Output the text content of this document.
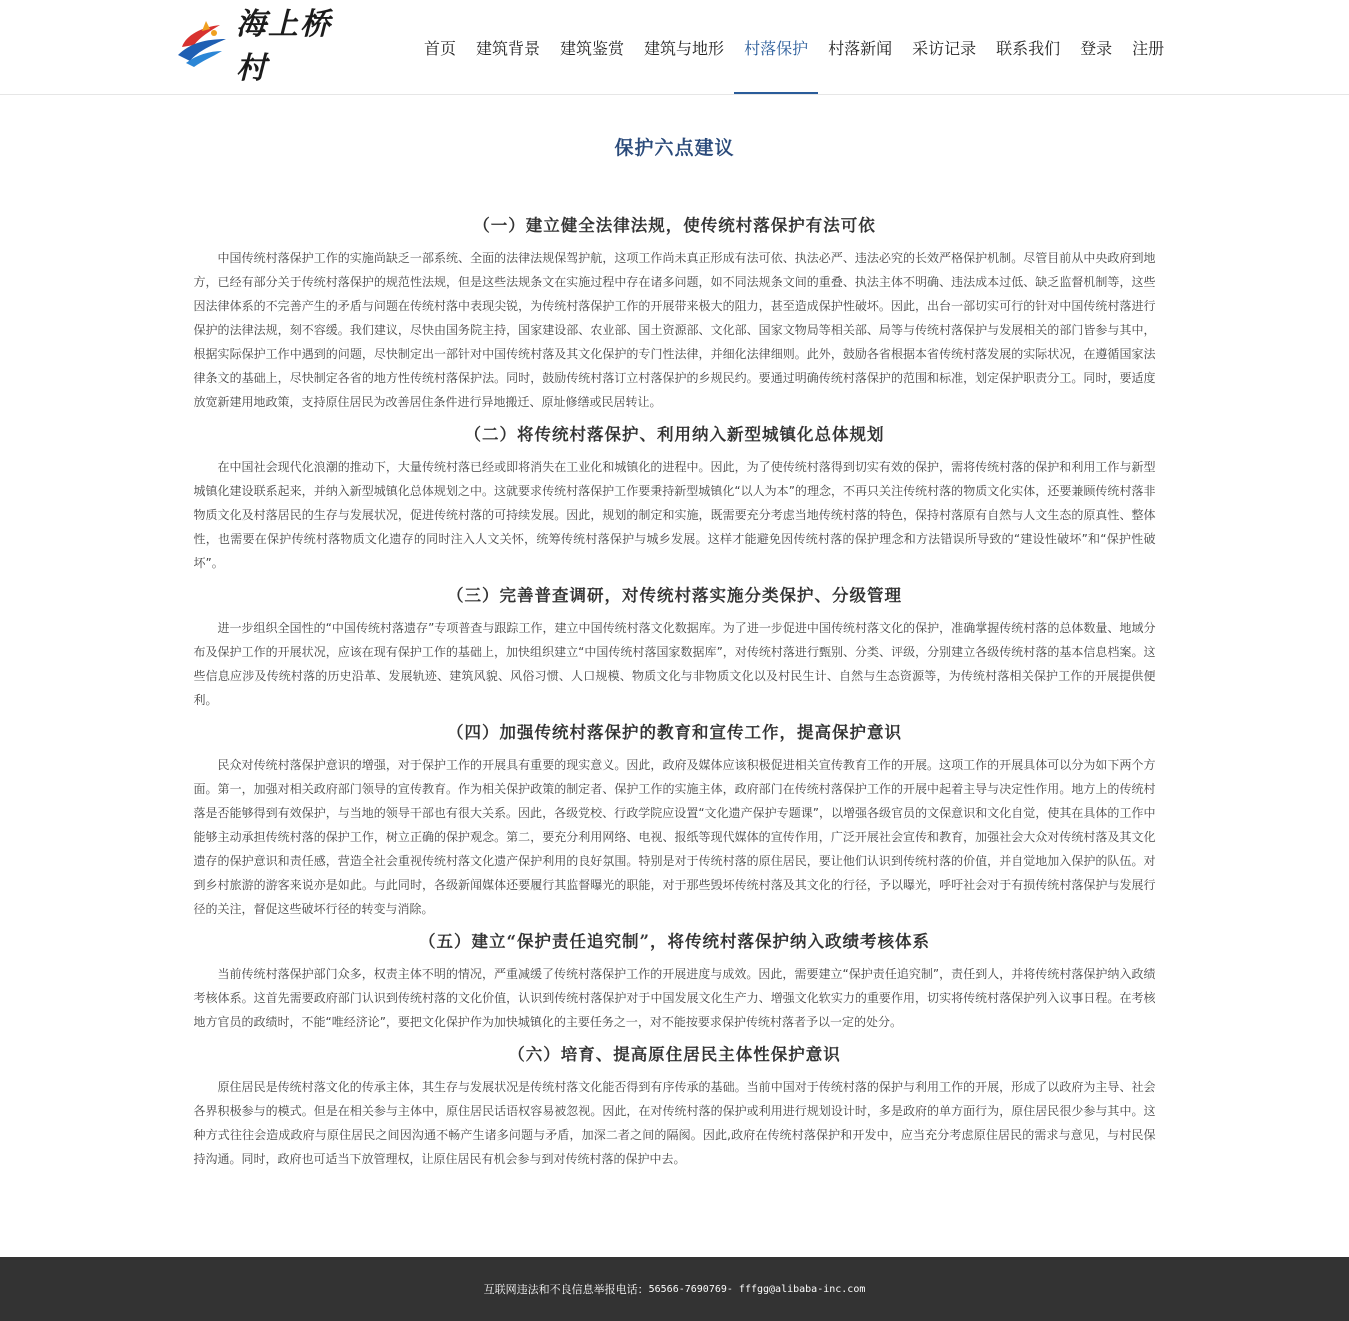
海上桥村
首页	建筑背景	建筑鉴赏	建筑与地形	村落保护	村落新闻	采访记录	联系我们	登录	注册
保护六点建议
（一）建立健全法律法规，使传统村落保护有法可依

中国传统村落保护工作的实施尚缺乏一部系统、全面的法律法规保驾护航，这项工作尚未真正形成有法可依、执法必严、违法必究的长效严格保护机制。尽管目前从中央政府到地方，已经有部分关于传统村落保护的规范性法规，但是这些法规条文在实施过程中存在诸多问题，如不同法规条文间的重叠、执法主体不明确、违法成本过低、缺乏监督机制等，这些因法律体系的不完善产生的矛盾与问题在传统村落中表现尖锐，为传统村落保护工作的开展带来极大的阻力，甚至造成保护性破坏。因此，出台一部切实可行的针对中国传统村落进行保护的法律法规，刻不容缓。我们建议，尽快由国务院主持，国家建设部、农业部、国土资源部、文化部、国家文物局等相关部、局等与传统村落保护与发展相关的部门皆参与其中，根据实际保护工作中遇到的问题，尽快制定出一部针对中国传统村落及其文化保护的专门性法律，并细化法律细则。此外，鼓励各省根据本省传统村落发展的实际状况，在遵循国家法律条文的基础上，尽快制定各省的地方性传统村落保护法。同时，鼓励传统村落订立村落保护的乡规民约。要通过明确传统村落保护的范围和标准，划定保护职责分工。同时，要适度放宽新建用地政策，支持原住居民为改善居住条件进行异地搬迁、原址修缮或民居转让。

（二）将传统村落保护、利用纳入新型城镇化总体规划

在中国社会现代化浪潮的推动下，大量传统村落已经或即将消失在工业化和城镇化的进程中。因此，为了使传统村落得到切实有效的保护，需将传统村落的保护和利用工作与新型城镇化建设联系起来，并纳入新型城镇化总体规划之中。这就要求传统村落保护工作要秉持新型城镇化“以人为本”的理念，不再只关注传统村落的物质文化实体，还要兼顾传统村落非物质文化及村落居民的生存与发展状况，促进传统村落的可持续发展。因此，规划的制定和实施，既需要充分考虑当地传统村落的特色，保持村落原有自然与人文生态的原真性、整体性，也需要在保护传统村落物质文化遗存的同时注入人文关怀，统筹传统村落保护与城乡发展。这样才能避免因传统村落的保护理念和方法错误所导致的“建设性破坏”和“保护性破坏”。

（三）完善普查调研，对传统村落实施分类保护、分级管理

进一步组织全国性的“中国传统村落遗存”专项普查与跟踪工作，建立中国传统村落文化数据库。为了进一步促进中国传统村落文化的保护，准确掌握传统村落的总体数量、地域分布及保护工作的开展状况，应该在现有保护工作的基础上，加快组织建立“中国传统村落国家数据库”，对传统村落进行甄别、分类、评级，分别建立各级传统村落的基本信息档案。这些信息应涉及传统村落的历史沿革、发展轨迹、建筑风貌、风俗习惯、人口规模、物质文化与非物质文化以及村民生计、自然与生态资源等，为传统村落相关保护工作的开展提供便利。

（四）加强传统村落保护的教育和宣传工作，提高保护意识

民众对传统村落保护意识的增强，对于保护工作的开展具有重要的现实意义。因此，政府及媒体应该积极促进相关宣传教育工作的开展。这项工作的开展具体可以分为如下两个方面。第一，加强对相关政府部门领导的宣传教育。作为相关保护政策的制定者、保护工作的实施主体，政府部门在传统村落保护工作的开展中起着主导与决定性作用。地方上的传统村落是否能够得到有效保护，与当地的领导干部也有很大关系。因此，各级党校、行政学院应设置“文化遗产保护专题课”，以增强各级官员的文保意识和文化自觉，使其在具体的工作中能够主动承担传统村落的保护工作，树立正确的保护观念。第二，要充分利用网络、电视、报纸等现代媒体的宣传作用，广泛开展社会宣传和教育，加强社会大众对传统村落及其文化遗存的保护意识和责任感，营造全社会重视传统村落文化遗产保护利用的良好氛围。特别是对于传统村落的原住居民，要让他们认识到传统村落的价值，并自觉地加入保护的队伍。对到乡村旅游的游客来说亦是如此。与此同时，各级新闻媒体还要履行其监督曝光的职能，对于那些毁坏传统村落及其文化的行径，予以曝光，呼吁社会对于有损传统村落保护与发展行径的关注，督促这些破坏行径的转变与消除。

（五）建立“保护责任追究制”，将传统村落保护纳入政绩考核体系

当前传统村落保护部门众多，权责主体不明的情况，严重减缓了传统村落保护工作的开展进度与成效。因此，需要建立“保护责任追究制”，责任到人，并将传统村落保护纳入政绩考核体系。这首先需要政府部门认识到传统村落的文化价值，认识到传统村落保护对于中国发展文化生产力、增强文化软实力的重要作用，切实将传统村落保护列入议事日程。在考核地方官员的政绩时，不能“唯经济论”，要把文化保护作为加快城镇化的主要任务之一，对不能按要求保护传统村落者予以一定的处分。

（六）培育、提高原住居民主体性保护意识

原住居民是传统村落文化的传承主体，其生存与发展状况是传统村落文化能否得到有序传承的基础。当前中国对于传统村落的保护与利用工作的开展，形成了以政府为主导、社会各界积极参与的模式。但是在相关参与主体中，原住居民话语权容易被忽视。因此，在对传统村落的保护或利用进行规划设计时，多是政府的单方面行为，原住居民很少参与其中。这种方式往往会造成政府与原住居民之间因沟通不畅产生诸多问题与矛盾，加深二者之间的隔阂。因此,政府在传统村落保护和开发中，应当充分考虑原住居民的需求与意见，与村民保持沟通。同时，政府也可适当下放管理权，让原住居民有机会参与到对传统村落的保护中去。

互联网违法和不良信息举报电话： 56566-7690769- fffgg@alibaba-inc.com
